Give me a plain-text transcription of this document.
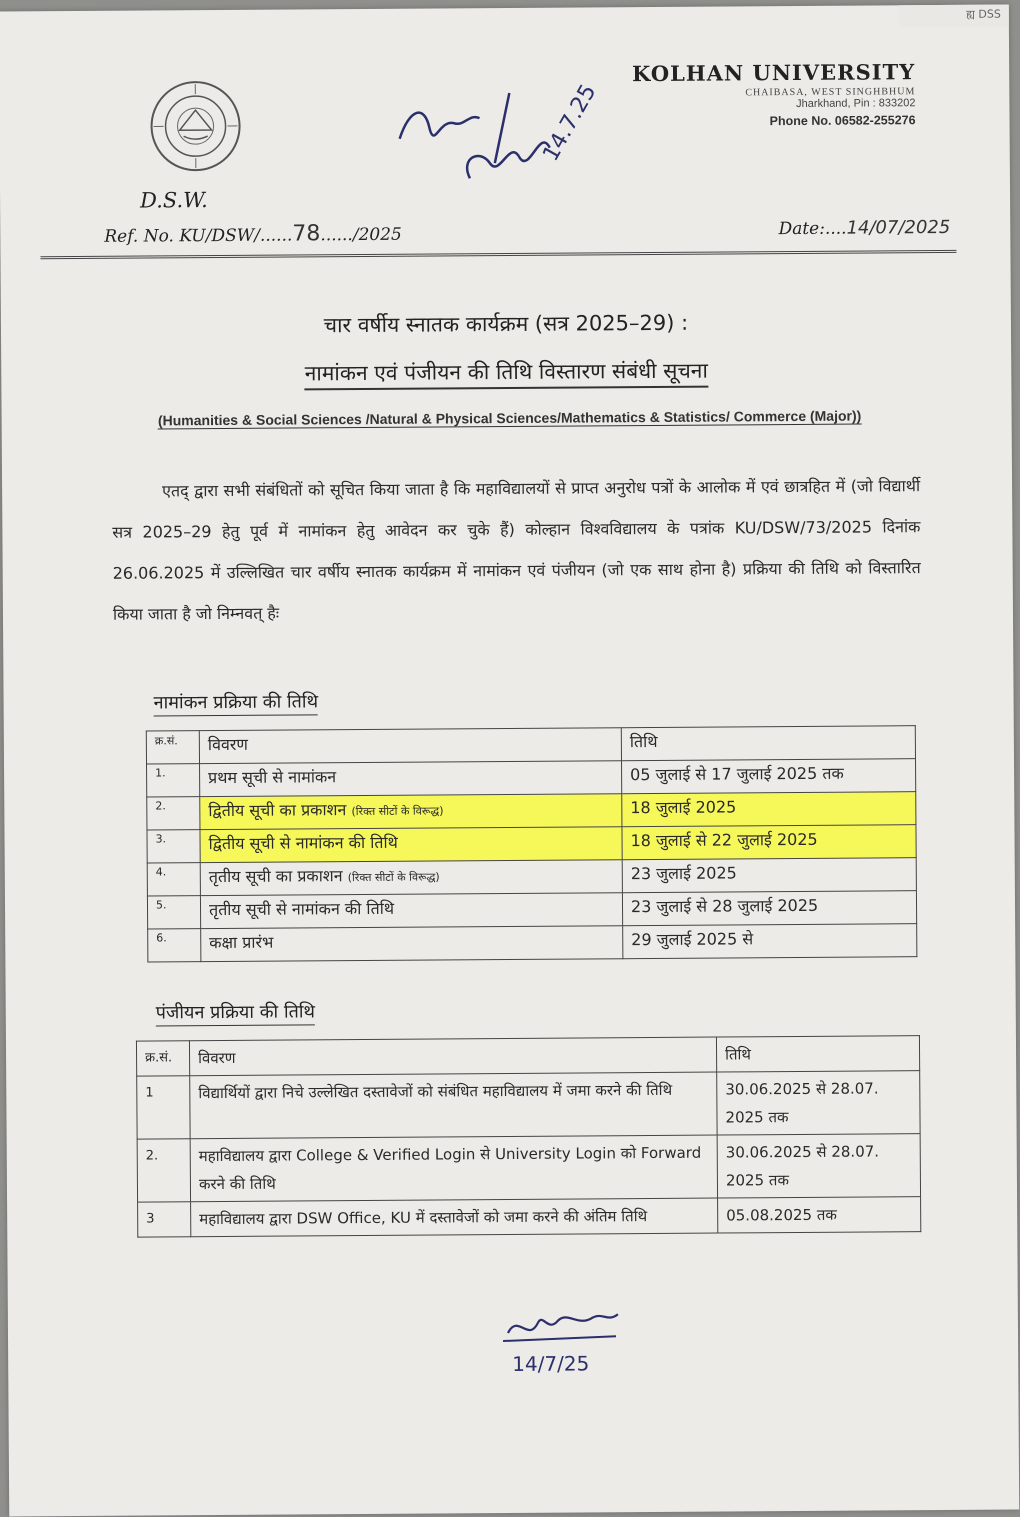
ह्य DSS
14.7.25
KOLHAN UNIVERSITY
CHAIBASA, WEST SINGHBHUM
Jharkhand, Pin : 833202
Phone No. 06582-255276
D.S.W.
Ref. No. KU/DSW/......78....../2025	Date:....14/07/2025
चार वर्षीय स्नातक कार्यक्रम (सत्र 2025–29) :
नामांकन एवं पंजीयन की तिथि विस्तारण संबंधी सूचना
(Humanities & Social Sciences /Natural & Physical Sciences/Mathematics & Statistics/ Commerce (Major))
एतद् द्वारा सभी संबंधितों को सूचित किया जाता है कि महाविद्यालयों से प्राप्त अनुरोध पत्रों के आलोक में एवं छात्रहित में (जो विद्यार्थी सत्र 2025–29 हेतु पूर्व में नामांकन हेतु आवेदन कर चुके हैं) कोल्हान विश्वविद्यालय के पत्रांक KU/DSW/73/2025 दिनांक 26.06.2025 में उल्लिखित चार वर्षीय स्नातक कार्यक्रम में नामांकन एवं पंजीयन (जो एक साथ होना है) प्रक्रिया की तिथि को विस्तारित किया जाता है जो निम्नवत् हैः
नामांकन प्रक्रिया की तिथि
क्र.सं.	विवरण	तिथि
1.	प्रथम सूची से नामांकन	05 जुलाई से 17 जुलाई 2025 तक
2.	द्वितीय सूची का प्रकाशन (रिक्त सीटों के विरूद्ध)	18 जुलाई 2025
3.	द्वितीय सूची से नामांकन की तिथि	18 जुलाई से 22 जुलाई 2025
4.	तृतीय सूची का प्रकाशन (रिक्त सीटों के विरूद्ध)	23 जुलाई 2025
5.	तृतीय सूची से नामांकन की तिथि	23 जुलाई से 28 जुलाई 2025
6.	कक्षा प्रारंभ	29 जुलाई 2025 से
पंजीयन प्रक्रिया की तिथि
क्र.सं.	विवरण	तिथि
1	विद्यार्थियों द्वारा निचे उल्लेखित दस्तावेजों को संबंधित महाविद्यालय में जमा करने की तिथि	30.06.2025 से 28.07. 2025 तक
2.	महाविद्यालय द्वारा College & Verified Login से University Login को Forward करने की तिथि	30.06.2025 से 28.07. 2025 तक
3	महाविद्यालय द्वारा DSW Office, KU में दस्तावेजों को जमा करने की अंतिम तिथि	05.08.2025 तक
14/7/25
